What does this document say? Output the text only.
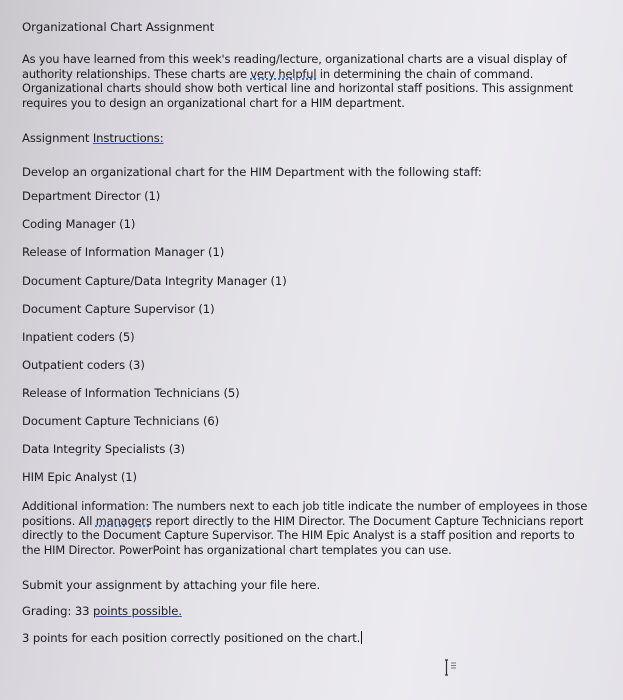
Organizational Chart Assignment
As you have learned from this week's reading/lecture, organizational charts are a visual display of authority relationships. These charts are very helpful in determining the chain of command. Organizational charts should show both vertical line and horizontal staff positions. This assignment requires you to design an organizational chart for a HIM department.
Assignment Instructions:
Develop an organizational chart for the HIM Department with the following staff:
Department Director (1)
Coding Manager (1)
Release of Information Manager (1)
Document Capture/Data Integrity Manager (1)
Document Capture Supervisor (1)
Inpatient coders (5)
Outpatient coders (3)
Release of Information Technicians (5)
Document Capture Technicians (6)
Data Integrity Specialists (3)
HIM Epic Analyst (1)
Additional information: The numbers next to each job title indicate the number of employees in those positions. All managers report directly to the HIM Director. The Document Capture Technicians report directly to the Document Capture Supervisor. The HIM Epic Analyst is a staff position and reports to the HIM Director. PowerPoint has organizational chart templates you can use.
Submit your assignment by attaching your file here.
Grading: 33 points possible.
3 points for each position correctly positioned on the chart.
